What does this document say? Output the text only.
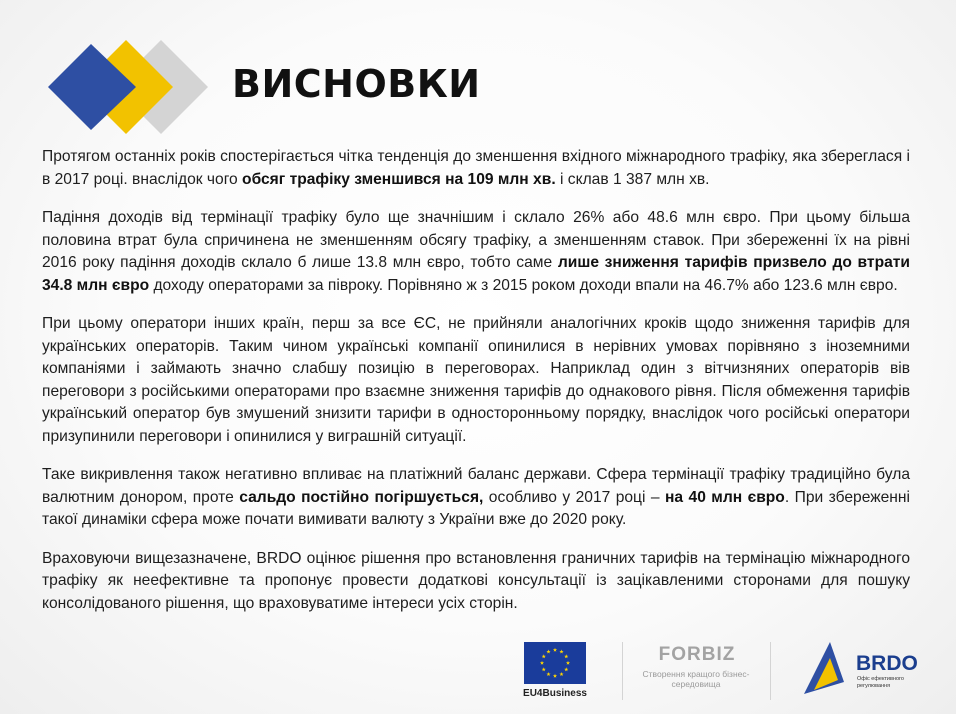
ВИСНОВКИ

Протягом останніх років спостерігається чітка тенденція до зменшення вхідного міжнародного трафіку, яка збереглася і в 2017 році. внаслідок чого обсяг трафіку зменшився на 109 млн хв. і склав 1 387 млн хв.

Падіння доходів від термінації трафіку було ще значнішим і склало 26% або 48.6 млн євро. При цьому більша половина втрат була спричинена не зменшенням обсягу трафіку, а зменшенням ставок. При збереженні їх на рівні 2016 року падіння доходів склало б лише 13.8 млн євро, тобто саме лише зниження тарифів призвело до втрати 34.8 млн євро доходу операторами за півроку. Порівняно ж з 2015 роком доходи впали на 46.7% або 123.6 млн євро.

При цьому оператори інших країн, перш за все ЄС, не прийняли аналогічних кроків щодо зниження тарифів для українських операторів. Таким чином українські компанії опинилися в нерівних умовах порівняно з іноземними компаніями і займають значно слабшу позицію в переговорах. Наприклад один з вітчизняних операторів вів переговори з російськими операторами про взаємне зниження тарифів до однакового рівня. Після обмеження тарифів український оператор був змушений знизити тарифи в односторонньому порядку, внаслідок чого російські оператори призупинили переговори і опинилися у виграшній ситуації.

Таке викривлення також негативно впливає на платіжний баланс держави. Сфера термінації трафіку традиційно була валютним донором, проте сальдо постійно погіршується, особливо у 2017 році – на 40 млн євро. При збереженні такої динаміки сфера може почати вимивати валюту з України вже до 2020 року.

Враховуючи вищезазначене, BRDO оцінює рішення про встановлення граничних тарифів на термінацію міжнародного трафіку як неефективне та пропонує провести додаткові консультації із зацікавленими сторонами для пошуку консолідованого рішення, що враховуватиме інтереси усіх сторін.

EU4Business
FORBIZ
Створення кращого бізнес-середовища
BRDO
Офіс ефективного регулювання
